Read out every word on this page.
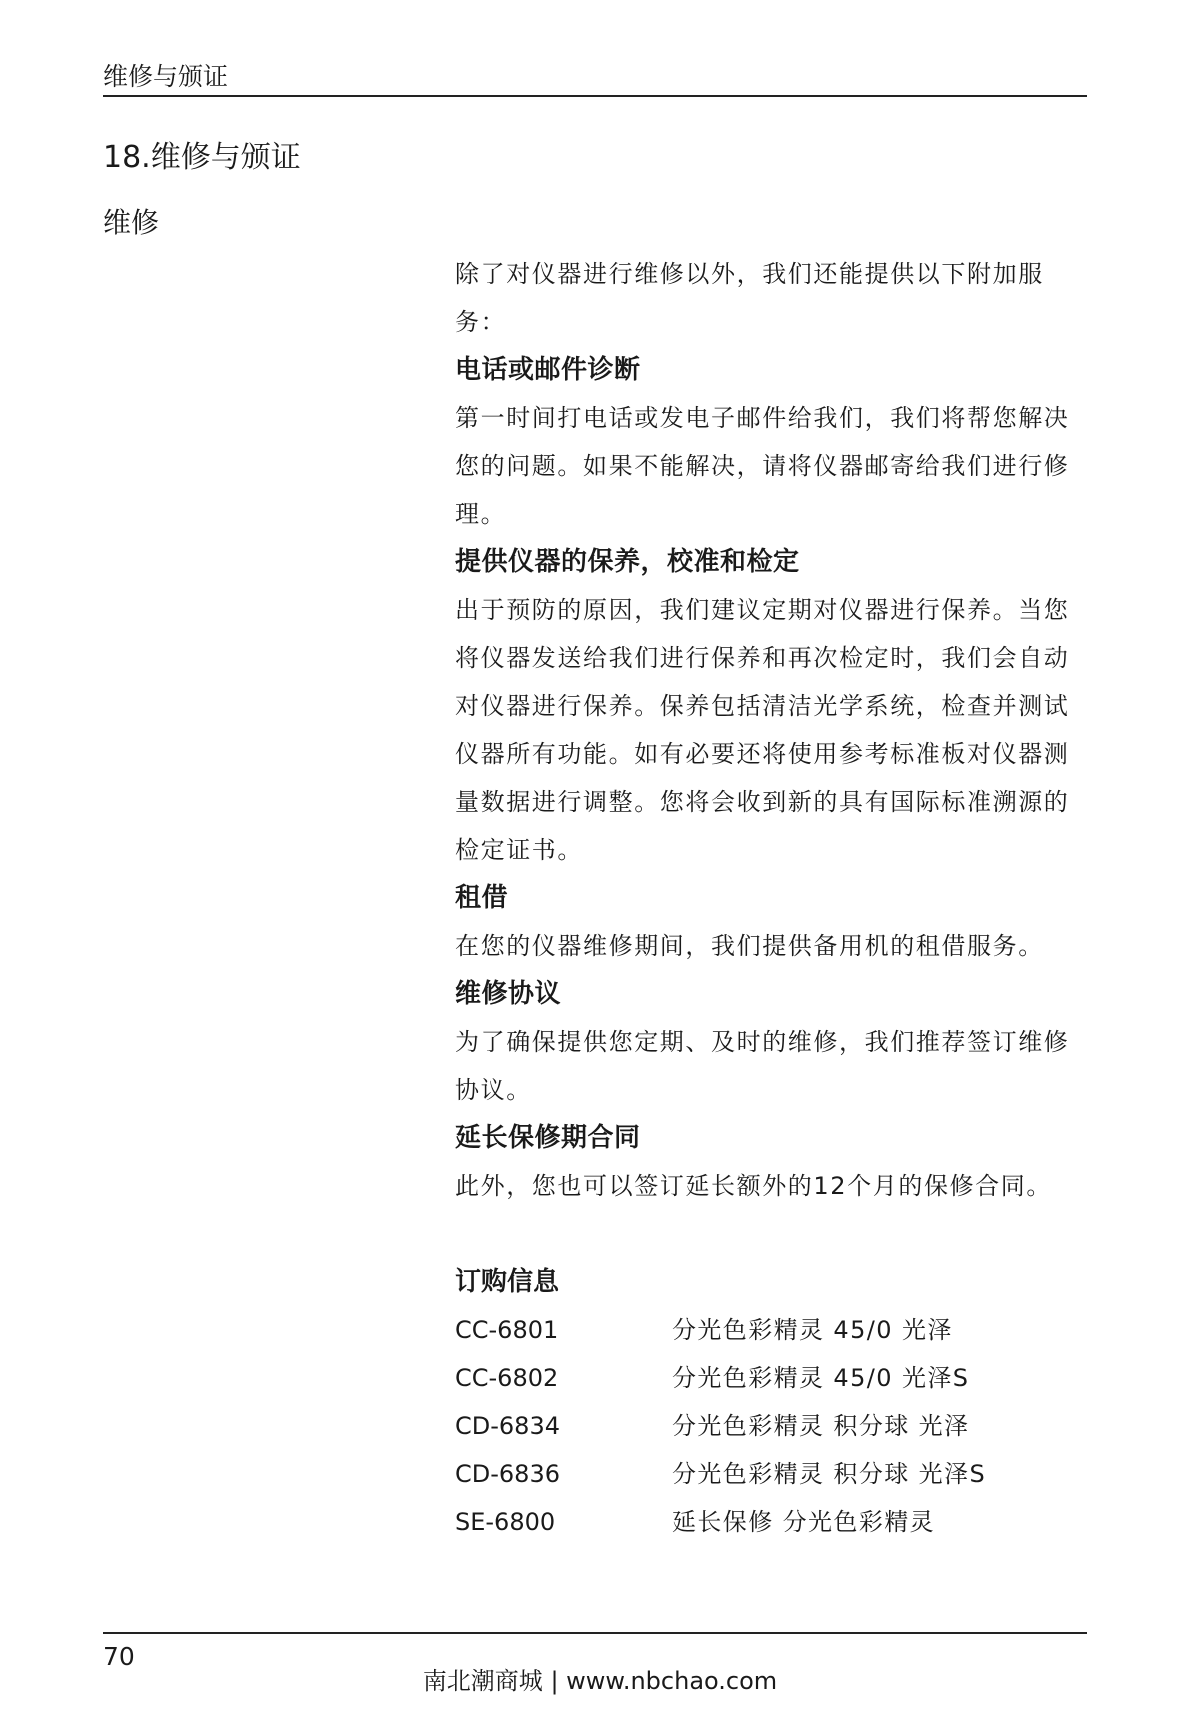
维修与颁证
18.维修与颁证
维修

除了对仪器进行维修以外，我们还能提供以下附加服务：

电话或邮件诊断

第一时间打电话或发电子邮件给我们，我们将帮您解决您的问题。如果不能解决，请将仪器邮寄给我们进行修理。

提供仪器的保养，校准和检定

出于预防的原因，我们建议定期对仪器进行保养。当您将仪器发送给我们进行保养和再次检定时，我们会自动对仪器进行保养。保养包括清洁光学系统，检查并测试仪器所有功能。如有必要还将使用参考标准板对仪器测量数据进行调整。您将会收到新的具有国际标准溯源的检定证书。

租借

在您的仪器维修期间，我们提供备用机的租借服务。

维修协议

为了确保提供您定期、及时的维修，我们推荐签订维修协议。

延长保修期合同

此外，您也可以签订延长额外的12个月的保修合同。

订购信息

CC-6801	分光色彩精灵 45/0 光泽
CC-6802	分光色彩精灵 45/0 光泽S
CD-6834	分光色彩精灵 积分球 光泽
CD-6836	分光色彩精灵 积分球 光泽S
SE-6800	延长保修 分光色彩精灵
70
南北潮商城 | www.nbchao.com
